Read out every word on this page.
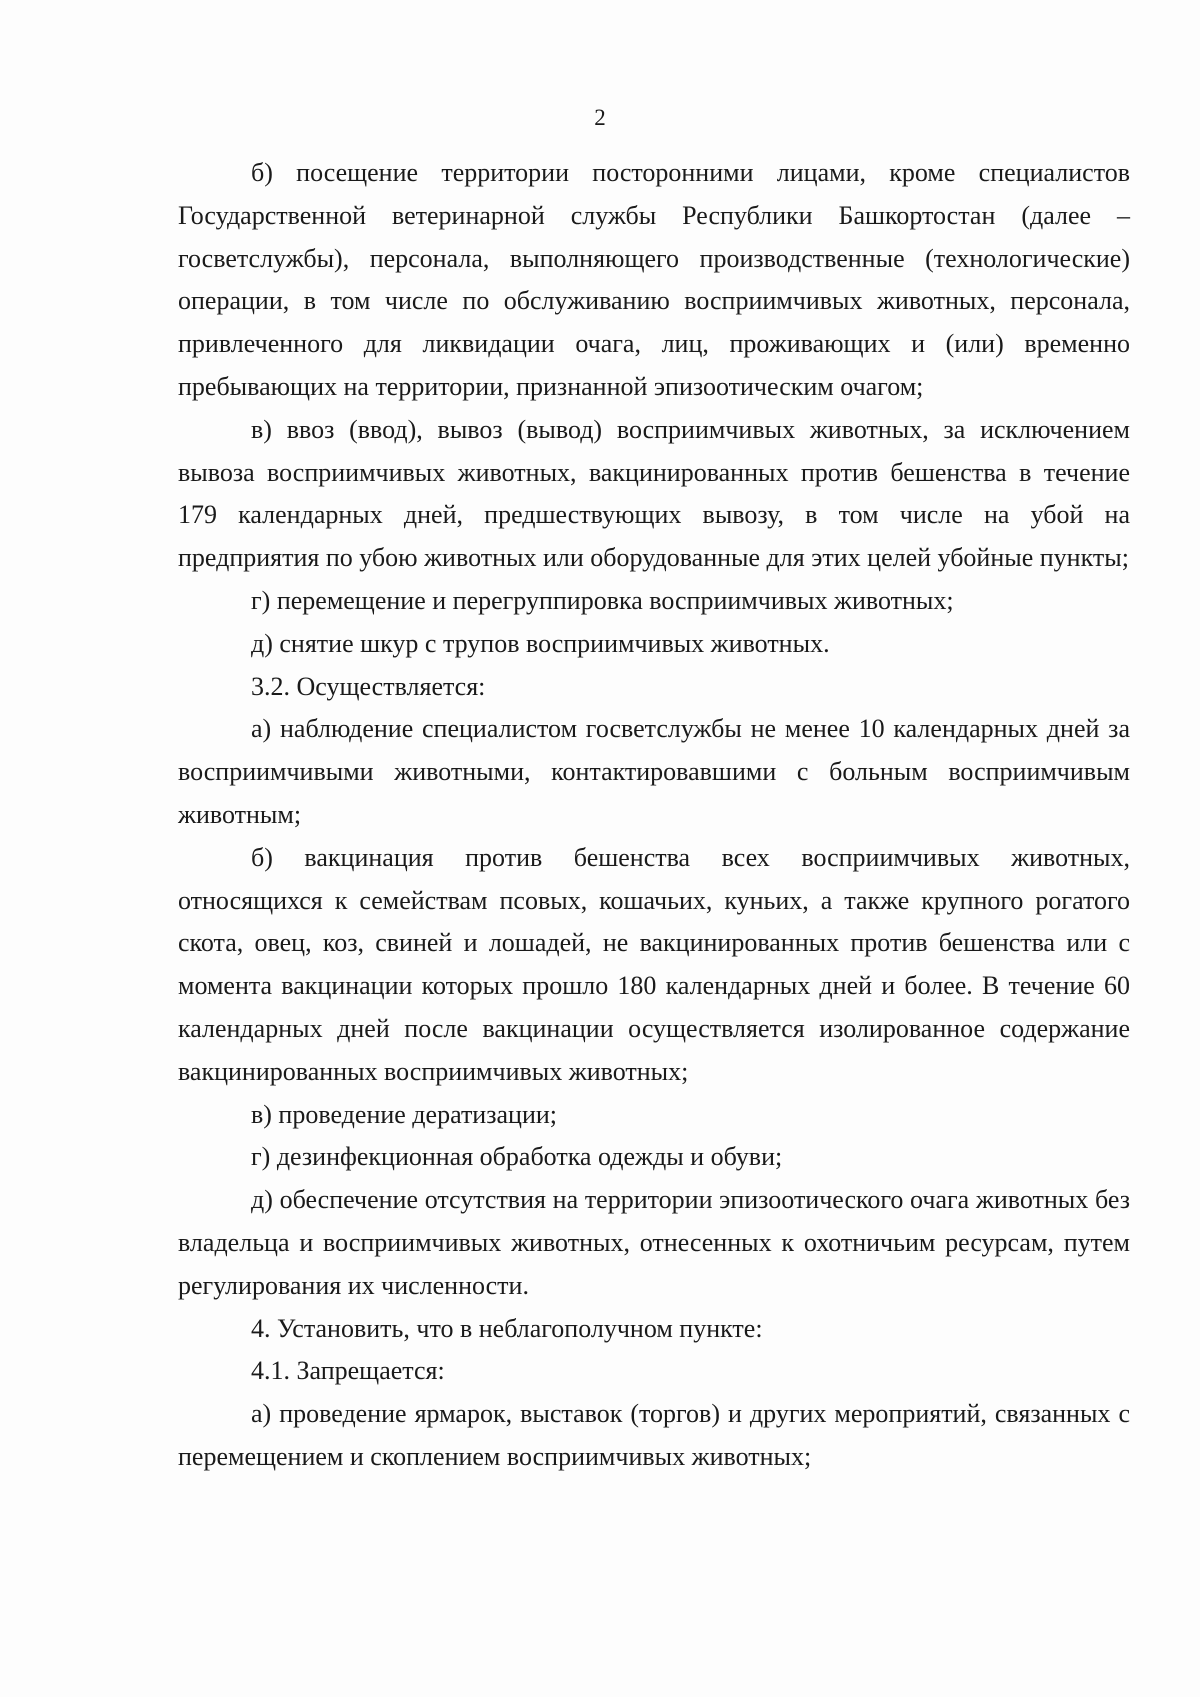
2

б) посещение территории посторонними лицами, кроме специалистов Государственной ветеринарной службы Республики Башкортостан (далее – госветслужбы), персонала, выполняющего производственные (технологические) операции, в том числе по обслуживанию восприимчивых животных, персонала, привлеченного для ликвидации очага, лиц, проживающих и (или) временно пребывающих на территории, признанной эпизоотическим очагом;

в) ввоз (ввод), вывоз (вывод) восприимчивых животных, за исключением вывоза восприимчивых животных, вакцинированных против бешенства в течение 179 календарных дней, предшествующих вывозу, в том числе на убой на предприятия по убою животных или оборудованные для этих целей убойные пункты;

г) перемещение и перегруппировка восприимчивых животных;

д) снятие шкур с трупов восприимчивых животных.

3.2. Осуществляется:

а) наблюдение специалистом госветслужбы не менее 10 календарных дней за восприимчивыми животными, контактировавшими с больным восприимчивым животным;

б) вакцинация против бешенства всех восприимчивых животных, относящихся к семействам псовых, кошачьих, куньих, а также крупного рогатого скота, овец, коз, свиней и лошадей, не вакцинированных против бешенства или с момента вакцинации которых прошло 180 календарных дней и более. В течение 60 календарных дней после вакцинации осуществляется изолированное содержание вакцинированных восприимчивых животных;

в) проведение дератизации;

г) дезинфекционная обработка одежды и обуви;

д) обеспечение отсутствия на территории эпизоотического очага животных без владельца и восприимчивых животных, отнесенных к охотничьим ресурсам, путем регулирования их численности.

4. Установить, что в неблагополучном пункте:

4.1. Запрещается:

а) проведение ярмарок, выставок (торгов) и других мероприятий, связанных с перемещением и скоплением восприимчивых животных;
